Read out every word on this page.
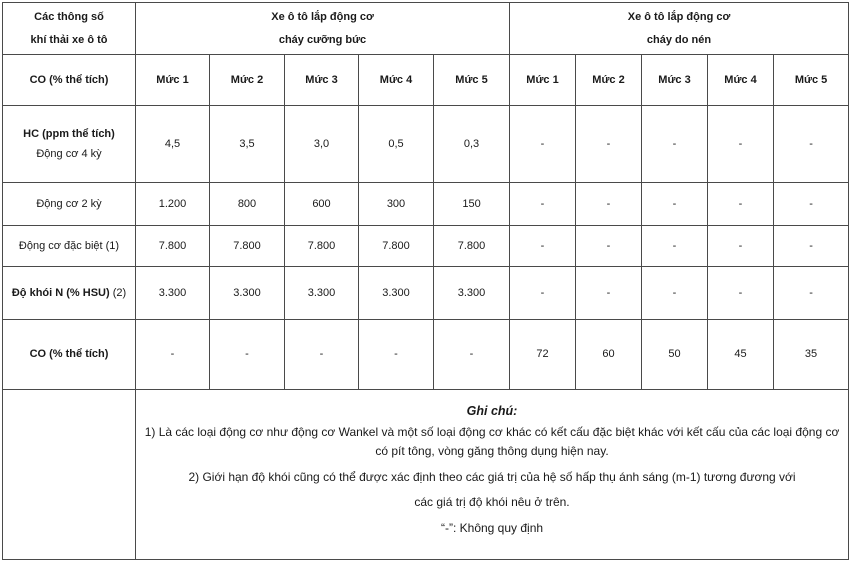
Các thông số
khí thải xe ô tô	Xe ô tô lắp động cơ
cháy cưỡng bức					Xe ô tô lắp động cơ
cháy do nén				

CO (% thể tích)	Mức 1	Mức 2	Mức 3	Mức 4	Mức 5	Mức 1	Mức 2	Mức 3	Mức 4	Mức 5

HC (ppm thể tích)
Động cơ 4 kỳ	4,5	3,5	3,0	0,5	0,3	-	-	-	-	-
Động cơ 2 kỳ	1.200	800	600	300	150	-	-	-	-	-
Động cơ đặc biệt (1)	7.800	7.800	7.800	7.800	7.800	-	-	-	-	-
Độ khói N (% HSU) (2)	3.300	3.300	3.300	3.300	3.300	-	-	-	-	-
CO (% thể tích)	-	-	-	-	-	72	60	50	45	35

	Ghi chú:

1) Là các loại động cơ như động cơ Wankel và một số loại động cơ khác có kết cấu đặc biệt khác với kết cấu của các loại động cơ có pít tông, vòng găng thông dụng hiện nay.

2) Giới hạn độ khói cũng có thể được xác định theo các giá trị của hệ số hấp thụ ánh sáng (m-1) tương đương với

các giá trị độ khói nêu ở trên.

“-”: Không quy định									
